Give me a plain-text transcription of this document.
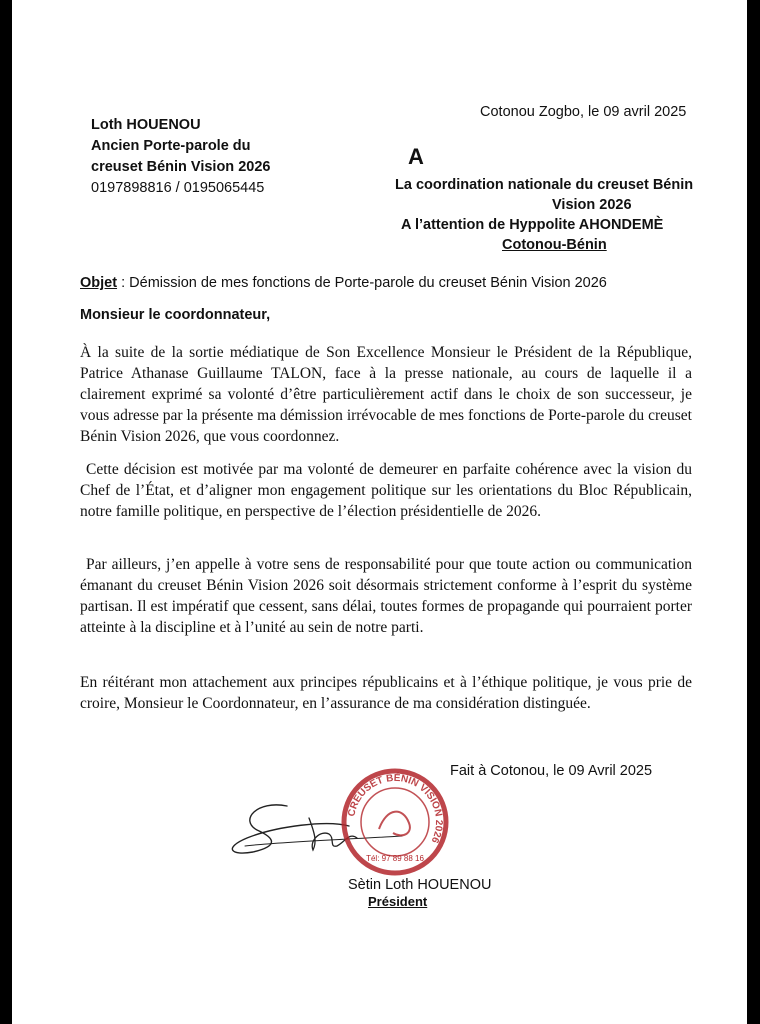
Cotonou Zogbo, le 09 avril 2025
Loth HOUENOU
Ancien Porte-parole du
creuset Bénin Vision 2026
0197898816 / 0195065445
A
La coordination nationale du creuset Bénin
Vision 2026
A l’attention de Hyppolite AHONDEMÈ
Cotonou-Bénin
Objet : Démission de mes fonctions de Porte-parole du creuset Bénin Vision 2026
Monsieur le coordonnateur,
À la suite de la sortie médiatique de Son Excellence Monsieur le Président de la République, Patrice Athanase Guillaume TALON, face à la presse nationale, au cours de laquelle il a clairement exprimé sa volonté d’être particulièrement actif dans le choix de son successeur, je vous adresse par la présente ma démission irrévocable de mes fonctions de Porte-parole du creuset Bénin Vision 2026, que vous coordonnez.
Cette décision est motivée par ma volonté de demeurer en parfaite cohérence avec la vision du Chef de l’État, et d’aligner mon engagement politique sur les orientations du Bloc Républicain, notre famille politique, en perspective de l’élection présidentielle de 2026.
Par ailleurs, j’en appelle à votre sens de responsabilité pour que toute action ou communication émanant du creuset Bénin Vision 2026 soit désormais strictement conforme à l’esprit du système partisan. Il est impératif que cessent, sans délai, toutes formes de propagande qui pourraient porter atteinte à la discipline et à l’unité au sein de notre parti.
En réitérant mon attachement aux principes républicains et à l’éthique politique, je vous prie de croire, Monsieur le Coordonnateur, en l’assurance de ma considération distinguée.
Fait à Cotonou, le 09 Avril 2025
CREUSET BÉNIN VISION 2026
Tél: 97 89 88 16
Sètin Loth HOUENOU
Président
